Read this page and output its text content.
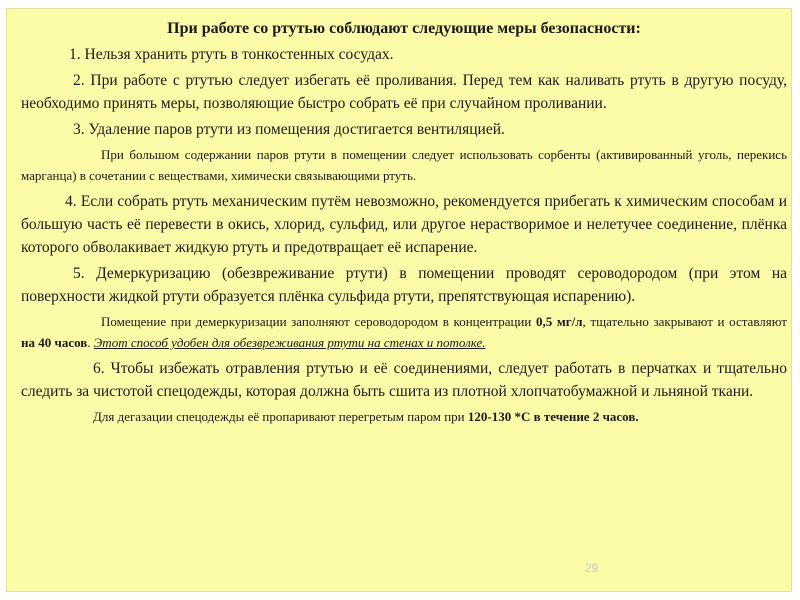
При работе со ртутью соблюдают следующие меры безопасности:

1. Нельзя хранить ртуть в тонкостенных сосудах.

2. При работе с ртутью следует избегать её проливания. Перед тем как наливать ртуть в другую посуду, необходимо принять меры, позволяющие быстро собрать её при случайном проливании.

3. Удаление паров ртути из помещения достигается вентиляцией.

При большом содержании паров ртути в помещении следует использовать сорбенты (активированный уголь, перекись марганца) в сочетании с веществами, химически связывающими ртуть.

4. Если собрать ртуть механическим путём невозможно, рекомендуется прибегать к химическим способам и большую часть её перевести в окись, хлорид, сульфид, или другое нерастворимое и нелетучее соединение, плёнка которого обволакивает жидкую ртуть и предотвращает её испарение.

5. Демеркуризацию (обезвреживание ртути) в помещении проводят сероводородом (при этом на поверхности жидкой ртути образуется плёнка сульфида ртути, препятствующая испарению).

Помещение при демеркуризации заполняют сероводородом в концентрации 0,5 мг/л, тщательно закрывают и оставляют на 40 часов. Этот способ удобен для обезвреживания ртути на стенах и потолке.

6. Чтобы избежать отравления ртутью и её соединениями, следует работать в перчатках и тщательно следить за чистотой спецодежды, которая должна быть сшита из плотной хлопчатобумажной и льняной ткани.

Для дегазации спецодежды её пропаривают перегретым паром при 120-130 *С в течение 2 часов.

29
